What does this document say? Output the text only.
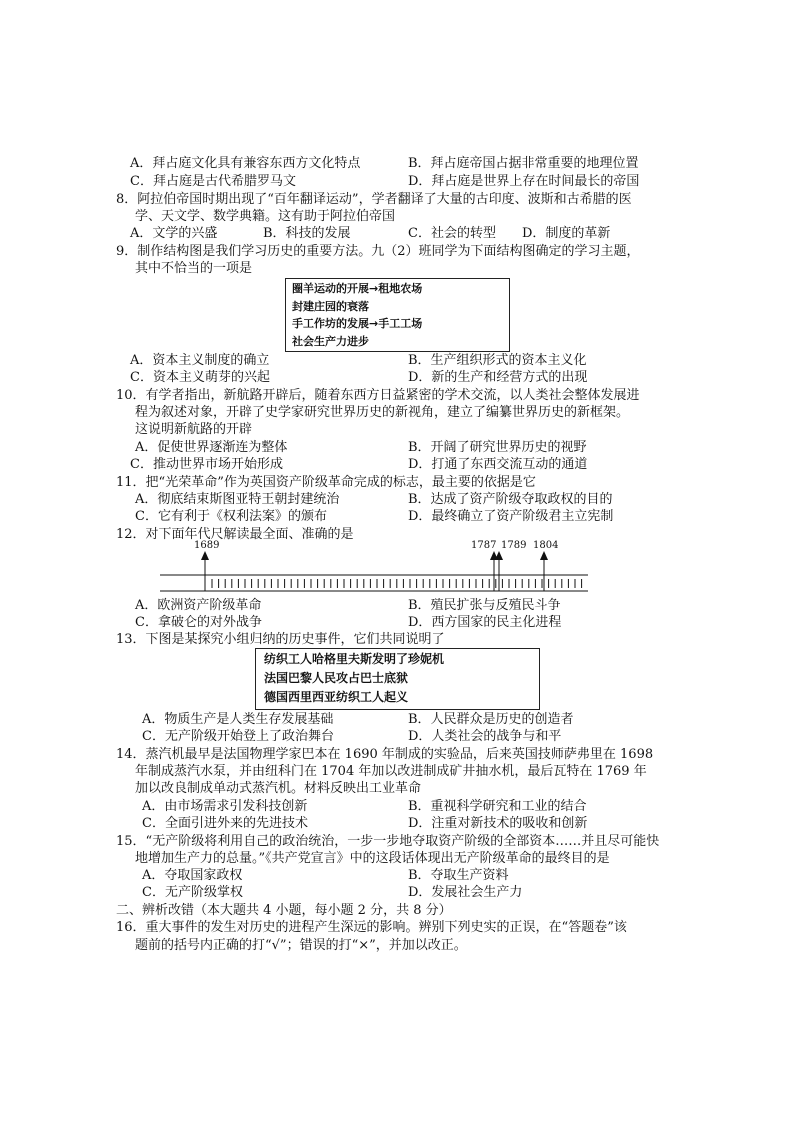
A．拜占庭文化具有兼容东西方文化特点	B．拜占庭帝国占据非常重要的地理位置
C．拜占庭是古代希腊罗马文	D．拜占庭是世界上存在时间最长的帝国
8．阿拉伯帝国时期出现了“百年翻译运动”，学者翻译了大量的古印度、波斯和古希腊的医
学、天文学、数学典籍。这有助于阿拉伯帝国
A．文学的兴盛	B．科技的发展	C．社会的转型 D．制度的革新
9．制作结构图是我们学习历史的重要方法。九（2）班同学为下面结构图确定的学习主题，
其中不恰当的一项是
圈羊运动的开展→租地农场
封建庄园的衰落
手工作坊的发展→手工工场
社会生产力进步
A．资本主义制度的确立	B．生产组织形式的资本主义化
C．资本主义萌芽的兴起	D．新的生产和经营方式的出现
10．有学者指出，新航路开辟后，随着东西方日益紧密的学术交流，以人类社会整体发展进
程为叙述对象，开辟了史学家研究世界历史的新视角，建立了编纂世界历史的新框架。
这说明新航路的开辟
A．促使世界逐渐连为整体	B．开阔了研究世界历史的视野
C．推动世界市场开始形成	D．打通了东西交流互动的通道
11．把“光荣革命”作为英国资产阶级革命完成的标志，最主要的依据是它
A．彻底结束斯图亚特王朝封建统治	B．达成了资产阶级夺取政权的目的
C．它有利于《权利法案》的颁布	D．最终确立了资产阶级君主立宪制
12．对下面年代尺解读最全面、准确的是
1689	1787 1789 1804
A．欧洲资产阶级革命	B．殖民扩张与反殖民斗争
C．拿破仑的对外战争	D．西方国家的民主化进程
13．下图是某探究小组归纳的历史事件，它们共同说明了
纺织工人哈格里夫斯发明了珍妮机
法国巴黎人民攻占巴士底狱
德国西里西亚纺织工人起义
A．物质生产是人类生存发展基础	B．人民群众是历史的创造者
C．无产阶级开始登上了政治舞台	D．人类社会的战争与和平
14．蒸汽机最早是法国物理学家巴本在 1690 年制成的实验品，后来英国技师萨弗里在 1698
年制成蒸汽水泵，并由纽科门在 1704 年加以改进制成矿井抽水机，最后瓦特在 1769 年
加以改良制成单动式蒸汽机。材料反映出工业革命
A．由市场需求引发科技创新	B．重视科学研究和工业的结合
C．全面引进外来的先进技术	D．注重对新技术的吸收和创新
15．“无产阶级将利用自己的政治统治，一步一步地夺取资产阶级的全部资本……并且尽可能快
地增加生产力的总量。”《共产党宣言》中的这段话体现出无产阶级革命的最终目的是
A．夺取国家政权	B．夺取生产资料
C．无产阶级掌权	D．发展社会生产力
二、辨析改错（本大题共 4 小题，每小题 2 分，共 8 分）
16．重大事件的发生对历史的进程产生深远的影响。辨别下列史实的正误，在“答题卷”该
题前的括号内正确的打“√”；错误的打“×”，并加以改正。
